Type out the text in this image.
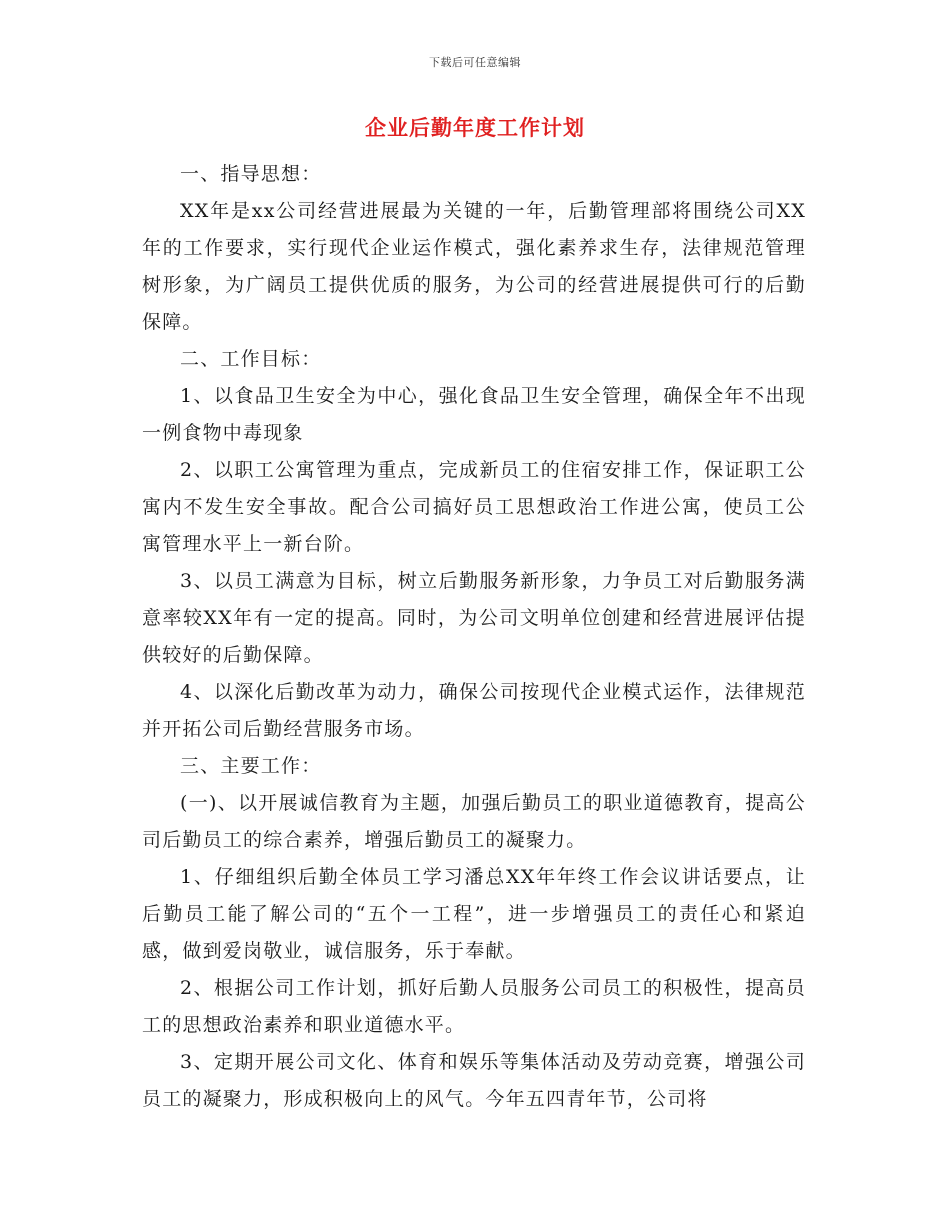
下载后可任意编辑
企业后勤年度工作计划

一、指导思想：

XX年是xx公司经营进展最为关键的一年，后勤管理部将围绕公司XX年的工作要求，实行现代企业运作模式，强化素养求生存，法律规范管理树形象，为广阔员工提供优质的服务，为公司的经营进展提供可行的后勤保障。

二、工作目标：

1、以食品卫生安全为中心，强化食品卫生安全管理，确保全年不出现一例食物中毒现象

2、以职工公寓管理为重点，完成新员工的住宿安排工作，保证职工公寓内不发生安全事故。配合公司搞好员工思想政治工作进公寓，使员工公寓管理水平上一新台阶。

3、以员工满意为目标，树立后勤服务新形象，力争员工对后勤服务满意率较XX年有一定的提高。同时，为公司文明单位创建和经营进展评估提供较好的后勤保障。

4、以深化后勤改革为动力，确保公司按现代企业模式运作，法律规范并开拓公司后勤经营服务市场。

三、主要工作：

(一)、以开展诚信教育为主题，加强后勤员工的职业道德教育，提高公司后勤员工的综合素养，增强后勤员工的凝聚力。

1、仔细组织后勤全体员工学习潘总XX年年终工作会议讲话要点，让后勤员工能了解公司的“五个一工程”，进一步增强员工的责任心和紧迫感，做到爱岗敬业，诚信服务，乐于奉献。

2、根据公司工作计划，抓好后勤人员服务公司员工的积极性，提高员工的思想政治素养和职业道德水平。

3、定期开展公司文化、体育和娱乐等集体活动及劳动竞赛，增强公司员工的凝聚力，形成积极向上的风气。今年五四青年节，公司将
